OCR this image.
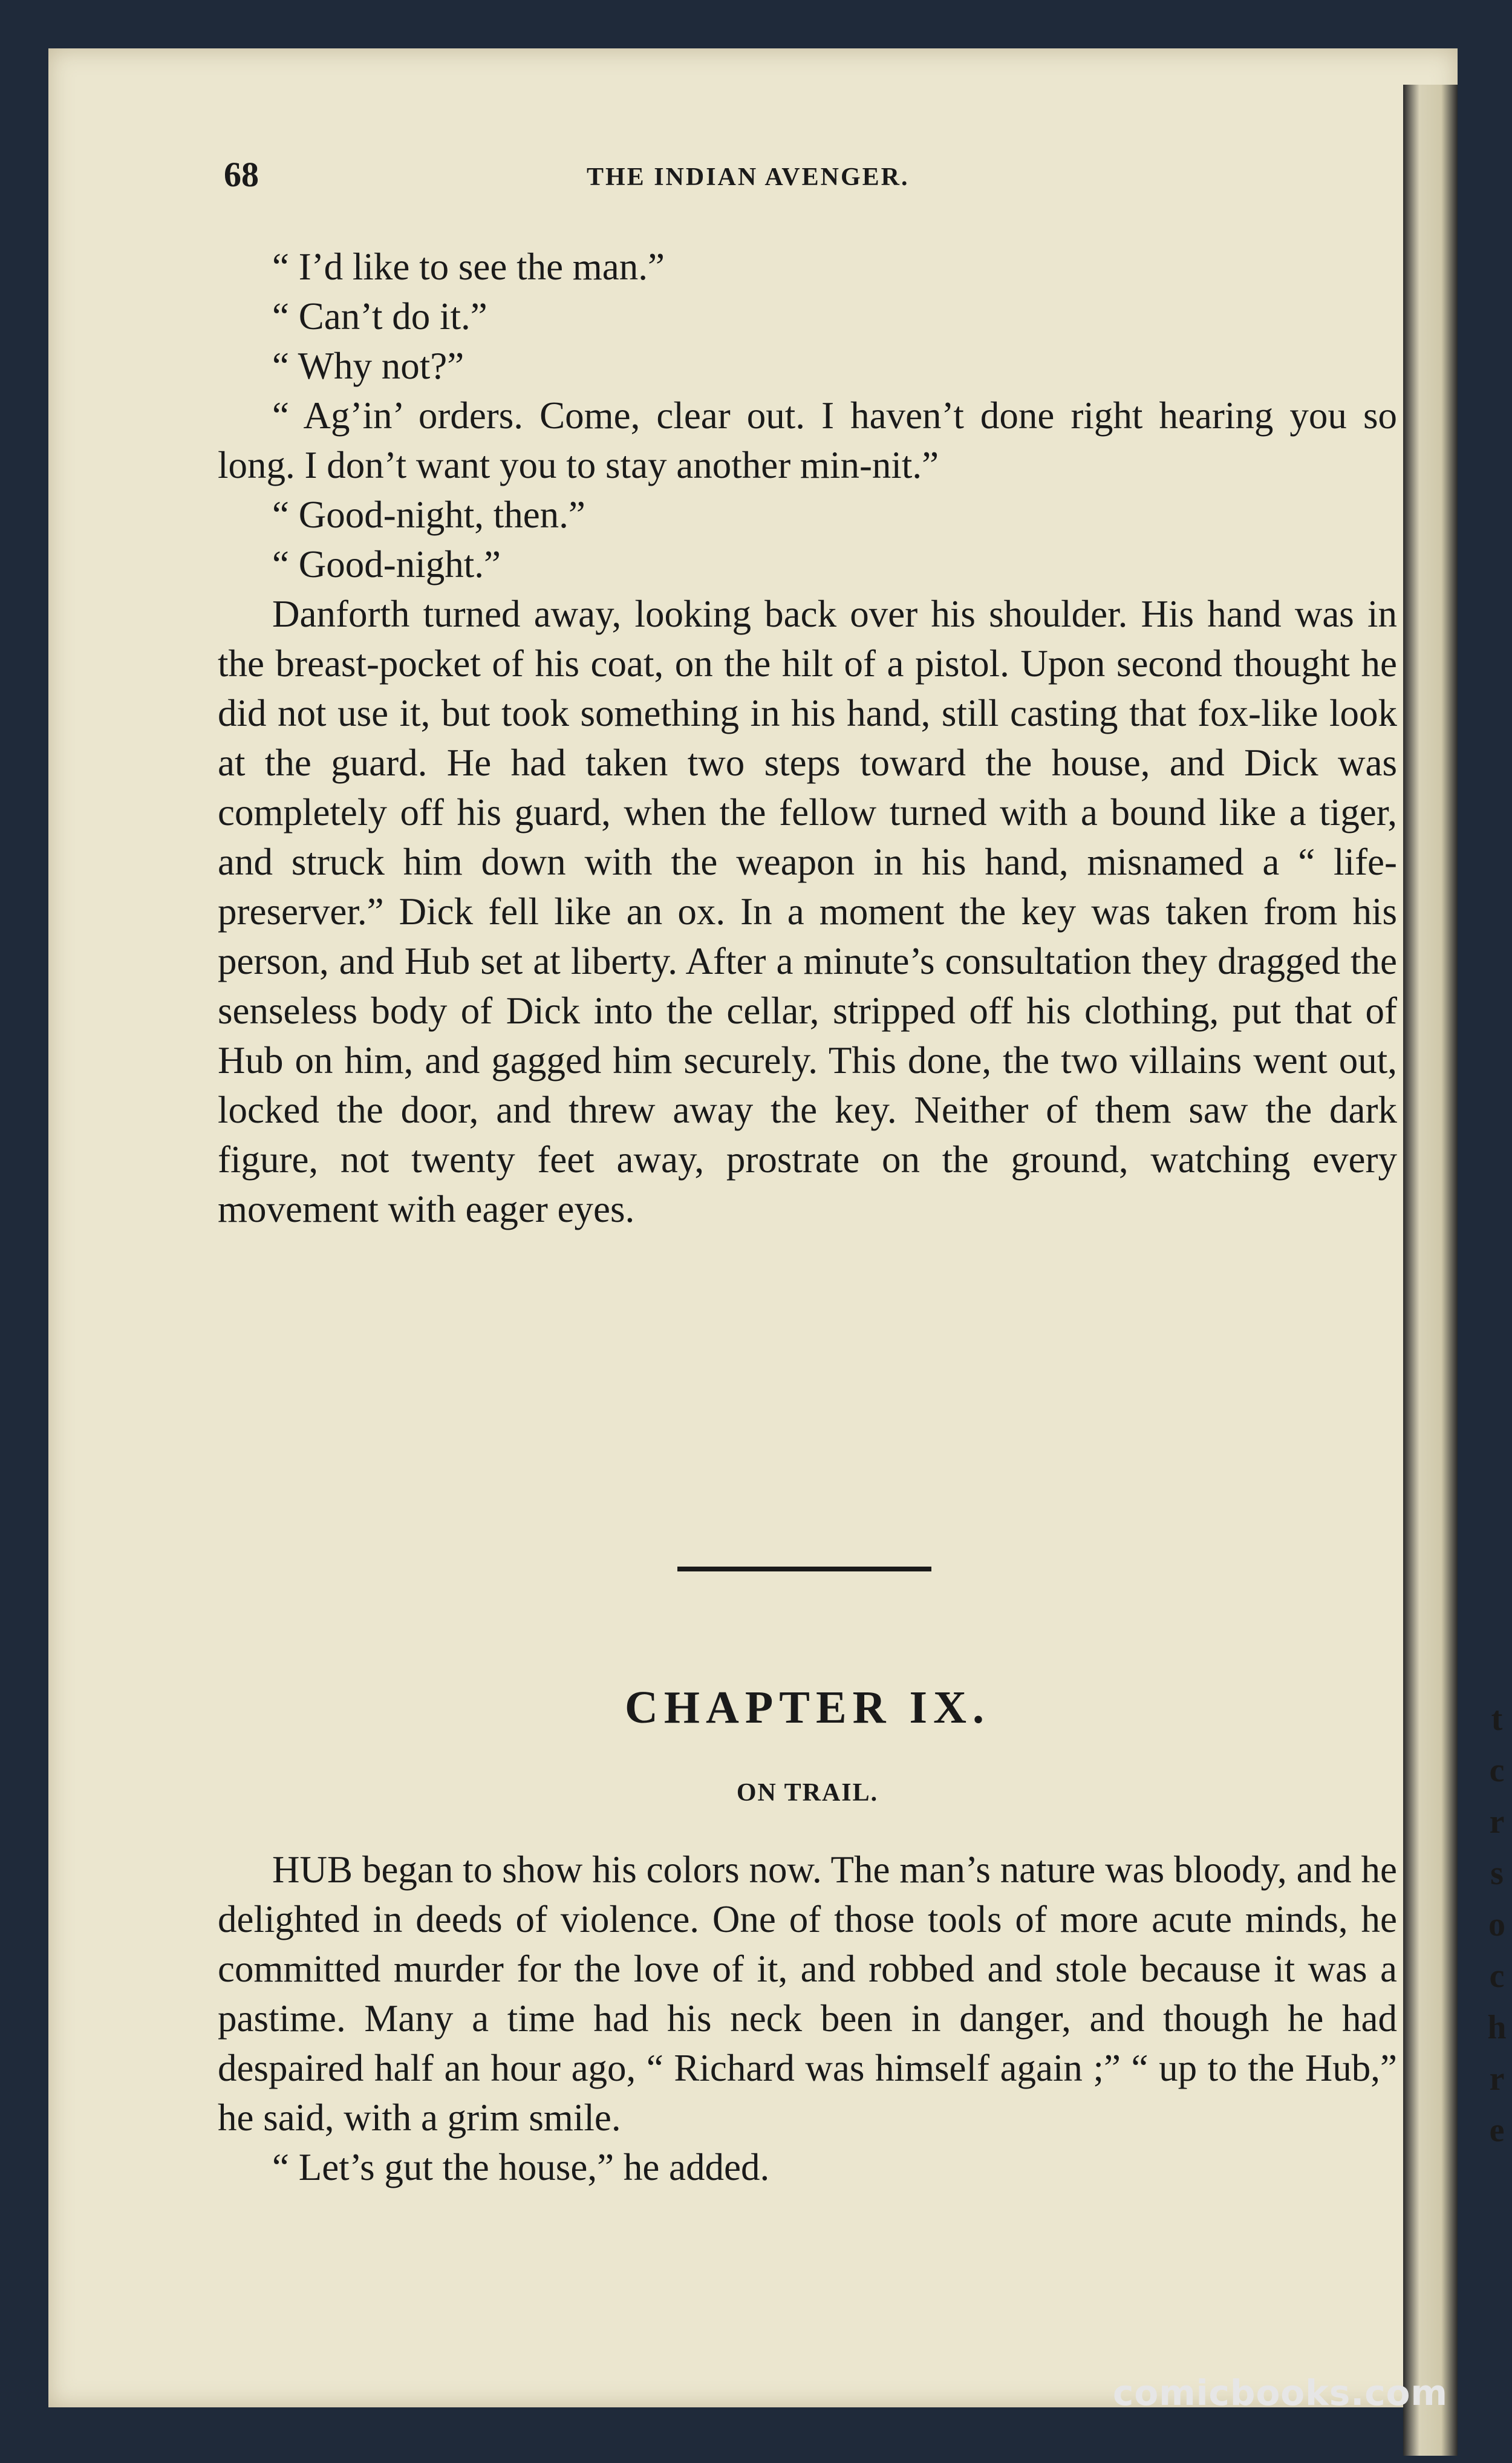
68	THE INDIAN AVENGER.

“ I’d like to see the man.”

“ Can’t do it.”

“ Why not?”

“ Ag’in’ orders. Come, clear out. I haven’t done right hearing you so long. I don’t want you to stay another min-nit.”

“ Good-night, then.”

“ Good-night.”

Danforth turned away, looking back over his shoulder. His hand was in the breast-pocket of his coat, on the hilt of a pistol. Upon second thought he did not use it, but took something in his hand, still casting that fox-like look at the guard. He had taken two steps toward the house, and Dick was completely off his guard, when the fellow turned with a bound like a tiger, and struck him down with the weapon in his hand, misnamed a “ life-preserver.” Dick fell like an ox. In a moment the key was taken from his person, and Hub set at liberty. After a minute’s consultation they dragged the senseless body of Dick into the cellar, stripped off his clothing, put that of Hub on him, and gagged him securely. This done, the two villains went out, locked the door, and threw away the key. Neither of them saw the dark figure, not twenty feet away, prostrate on the ground, watching every movement with eager eyes.

CHAPTER IX.
ON TRAIL.

HUB began to show his colors now. The man’s nature was bloody, and he delighted in deeds of violence. One of those tools of more acute minds, he committed murder for the love of it, and robbed and stole because it was a pastime. Many a time had his neck been in danger, and though he had despaired half an hour ago, “ Richard was himself again ;” “ up to the Hub,” he said, with a grim smile.

“ Let’s gut the house,” he added.

t
c
r
s
o
c
h
r
e
comicbooks.com
